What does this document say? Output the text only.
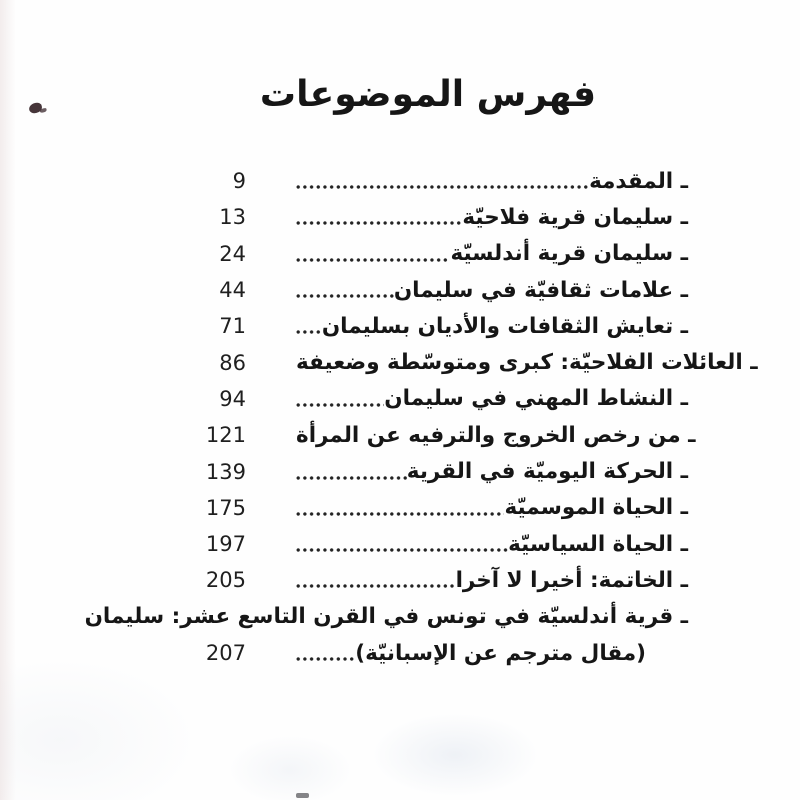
فهرس الموضوعات
9	ـ المقدمة
13	ـ سليمان قرية فلاحيّة
24	ـ سليمان قرية أندلسيّة
44	ـ علامات ثقافيّة في سليمان
71	ـ تعايش الثقافات والأديان بسليمان
86 ـ العائلات الفلاحيّة: كبرى ومتوسّطة وضعيفة
94	ـ النشاط المهني في سليمان
121 ـ من رخص الخروج والترفيه عن المرأة
139	ـ الحركة اليوميّة في القرية
175	ـ الحياة الموسميّة
197	ـ الحياة السياسيّة
205	ـ الخاتمة: أخيرا لا آخرا
ـ قرية أندلسيّة في تونس في القرن التاسع عشر: سليمان
207	(مقال مترجم عن الإسبانيّة)
